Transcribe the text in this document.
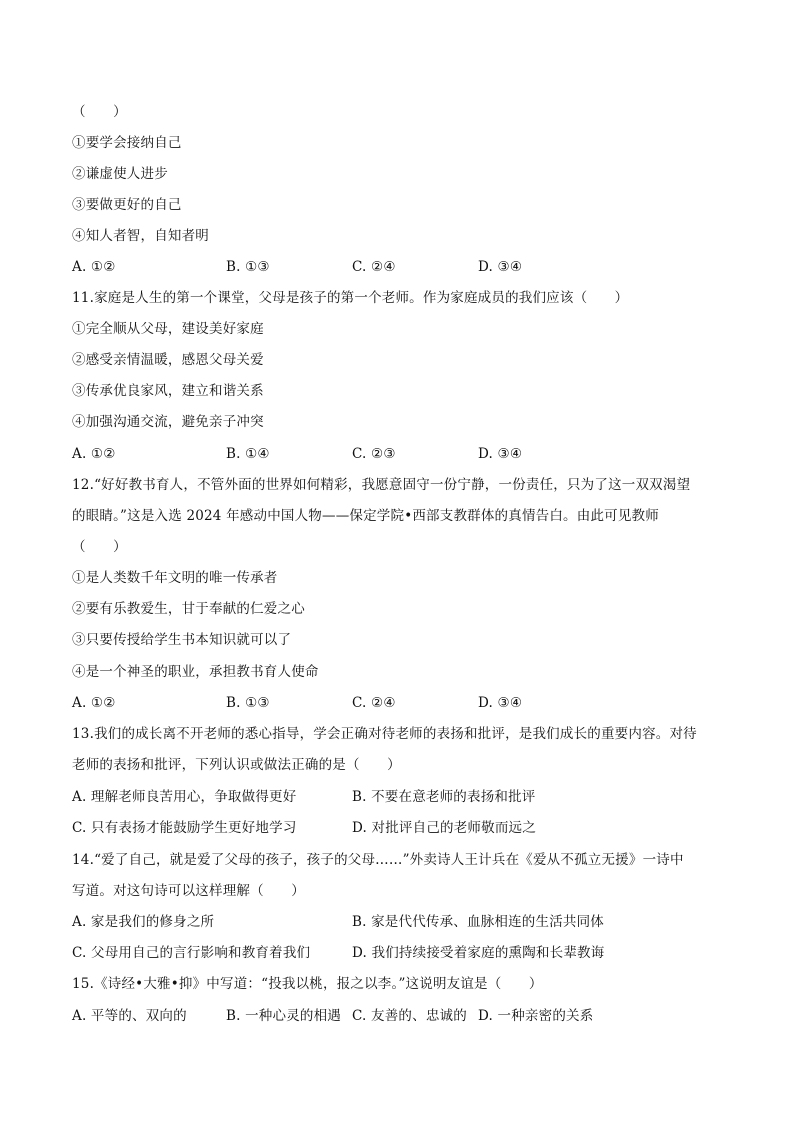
（　　）
①要学会接纳自己
②谦虚使人进步
③要做更好的自己
④知人者智，自知者明
A. ①②	B. ①③	C. ②④	D. ③④
11.家庭是人生的第一个课堂，父母是孩子的第一个老师。作为家庭成员的我们应该（　　）
①完全顺从父母，建设美好家庭
②感受亲情温暖，感恩父母关爱
③传承优良家风，建立和谐关系
④加强沟通交流，避免亲子冲突
A. ①②	B. ①④	C. ②③	D. ③④
12.“好好教书育人，不管外面的世界如何精彩，我愿意固守一份宁静，一份责任，只为了这一双双渴望
的眼睛。”这是入选 2024 年感动中国人物——保定学院•西部支教群体的真情告白。由此可见教师
（　　）
①是人类数千年文明的唯一传承者
②要有乐教爱生，甘于奉献的仁爱之心
③只要传授给学生书本知识就可以了
④是一个神圣的职业，承担教书育人使命
A. ①②	B. ①③	C. ②④	D. ③④
13.我们的成长离不开老师的悉心指导，学会正确对待老师的表扬和批评，是我们成长的重要内容。对待
老师的表扬和批评，下列认识或做法正确的是（　　）
A. 理解老师良苦用心，争取做得更好	B. 不要在意老师的表扬和批评
C. 只有表扬才能鼓励学生更好地学习	D. 对批评自己的老师敬而远之
14.“爱了自己，就是爱了父母的孩子，孩子的父母……”外卖诗人王计兵在《爱从不孤立无援》一诗中
写道。对这句诗可以这样理解（　　）
A. 家是我们的修身之所	B. 家是代代传承、血脉相连的生活共同体
C. 父母用自己的言行影响和教育着我们	D. 我们持续接受着家庭的熏陶和长辈教诲
15.《诗经•大雅•抑》中写道：“投我以桃，报之以李。”这说明友谊是（　　）
A. 平等的、双向的	B. 一种心灵的相遇 C. 友善的、忠诚的 D. 一种亲密的关系
